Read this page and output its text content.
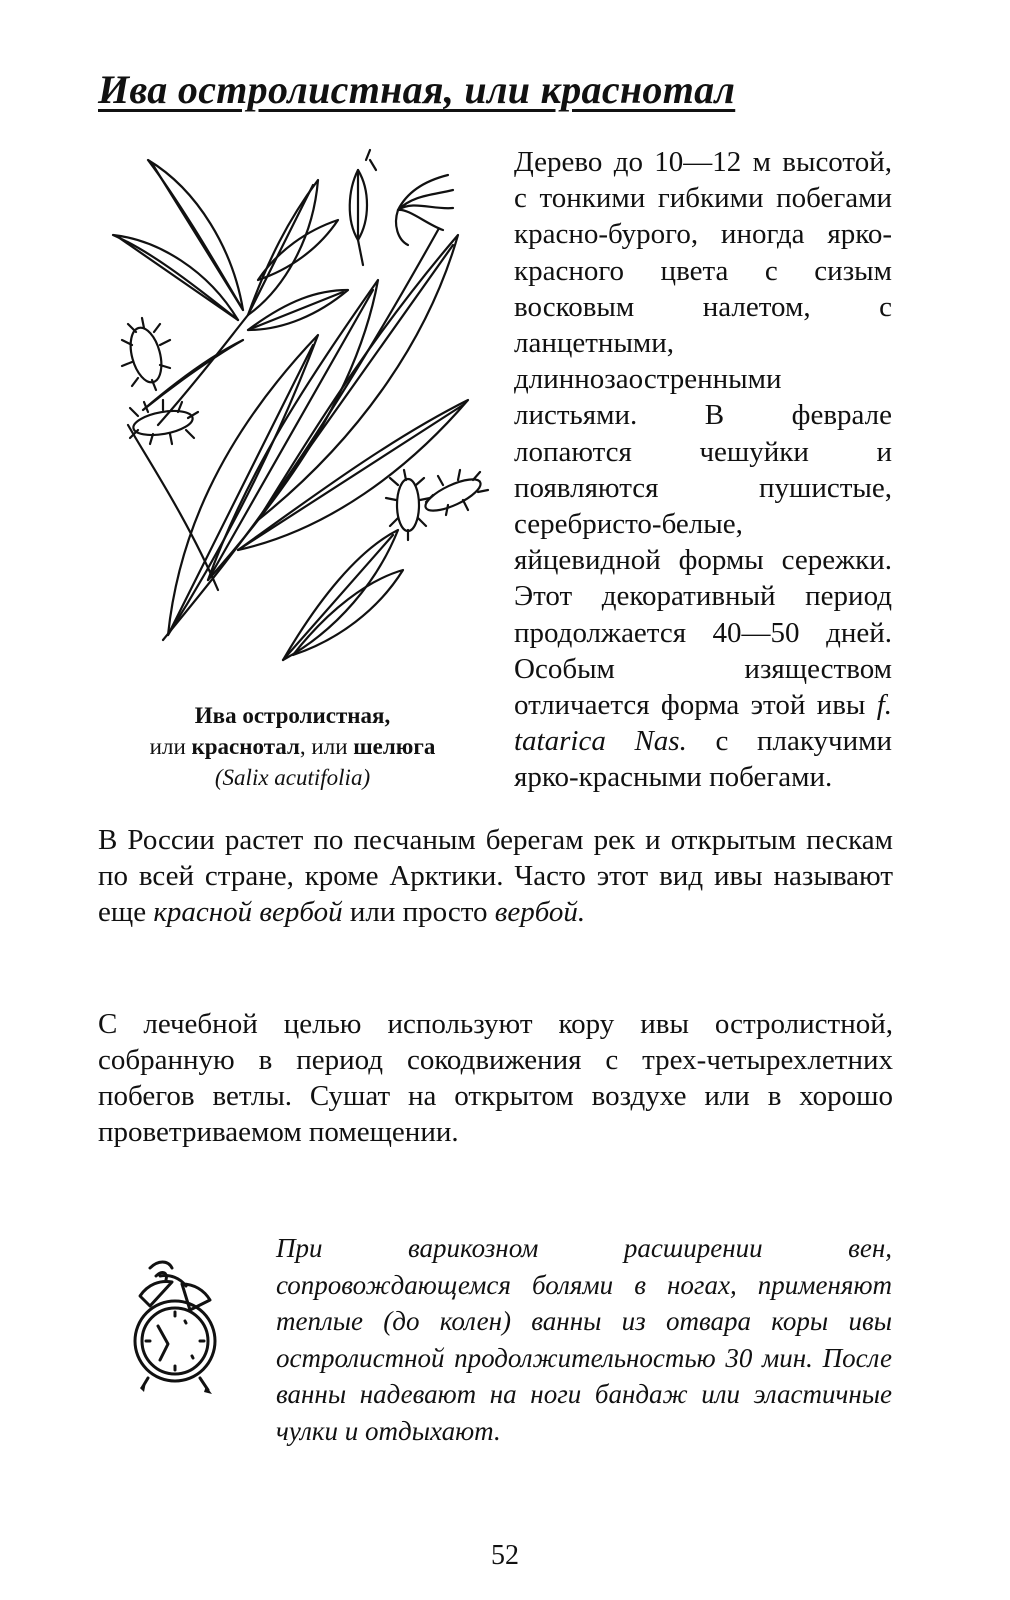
Ива остролистная, или краснотал
Ива остролистная,
или краснотал, или шелюга
(Salix acutifolia)

Дерево до 10—12 м высотой, с тонкими гибкими побегами красно-бурого, иногда ярко-красного цвета с сизым восковым налетом, с ланцетными, длиннозаостренными листьями. В феврале лопаются чешуйки и появляются пушистые, серебристо-белые, яйцевидной формы сережки. Этот декоративный период продолжается 40—50 дней. Особым изяществом отличается форма этой ивы f. tatarica Nas. с плакучими ярко-красными побегами.

В России растет по песчаным берегам рек и открытым пескам по всей стране, кроме Арктики. Часто этот вид ивы называют еще красной вербой или просто вербой.

С лечебной целью используют кору ивы остролистной, собранную в период сокодвижения с трех-четырехлетних побегов ветлы. Сушат на открытом воздухе или в хорошо проветриваемом помещении.

При варикозном расширении вен, сопровождающемся болями в ногах, применяют теплые (до колен) ванны из отвара коры ивы остролистной продолжительностью 30 мин. После ванны надевают на ноги бандаж или эластичные чулки и отдыхают.

52
